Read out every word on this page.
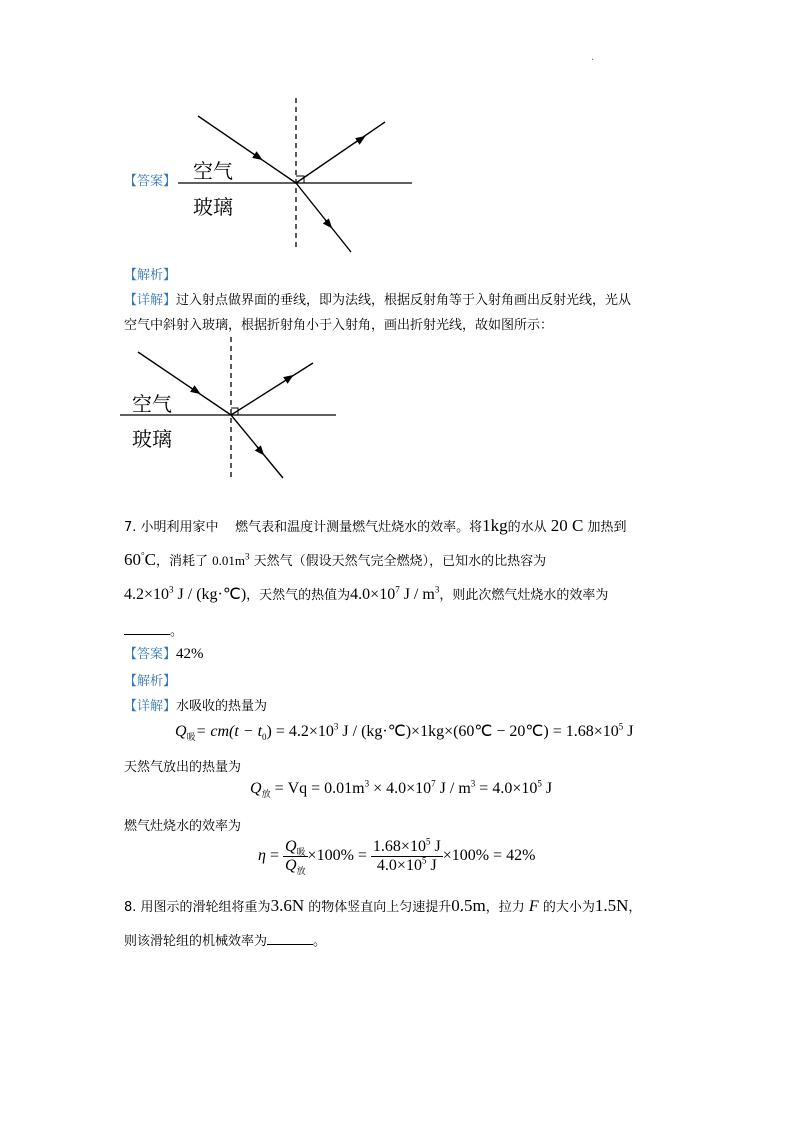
.
【答案】 空气
玻璃
【解析】
【详解】过入射点做界面的垂线，即为法线，根据反射角等于入射角画出反射光线，光从
空气中斜射入玻璃，根据折射角小于入射角，画出折射光线，故如图所示：
空气
玻璃
7. 小明利用家中 燃气表和温度计测量燃气灶烧水的效率。将1kg的水从 20 C 加热到
60°C，消耗了 $0.01m^3$ 天然气（假设天然气完全燃烧），已知水的比热容为
$4.2\times 10^3$ J / (kg·℃)，天然气的热值为$4.0\times 10^7$ J / $m^3$，则此次燃气灶烧水的效率为
。
【答案】42%
【解析】
【详解】水吸收的热量为
$Q_吸= cm(t - t_0) = 4.2\times 10^3$ J / (kg·℃)×1kg×(60℃ − 20℃) = $1.68\times 10^5$ J
天然气放出的热量为
$Q_放 = Vq = 0.01m^3 \times 4.0\times 10^7$ $J / m^3 = 4.0\times 10^5$ J
燃气灶烧水的效率为
$\eta = \frac{Q_吸}{Q_放} \times 100\% = \frac{1.68\times 10^5 J}{4.0\times 10^5 J} \times 100\% = 42\%$
8. 用图示的滑轮组将重为3.6N 的物体竖直向上匀速提升0.5m，拉力 F 的大小为1.5N，
则该滑轮组的机械效率为	。
